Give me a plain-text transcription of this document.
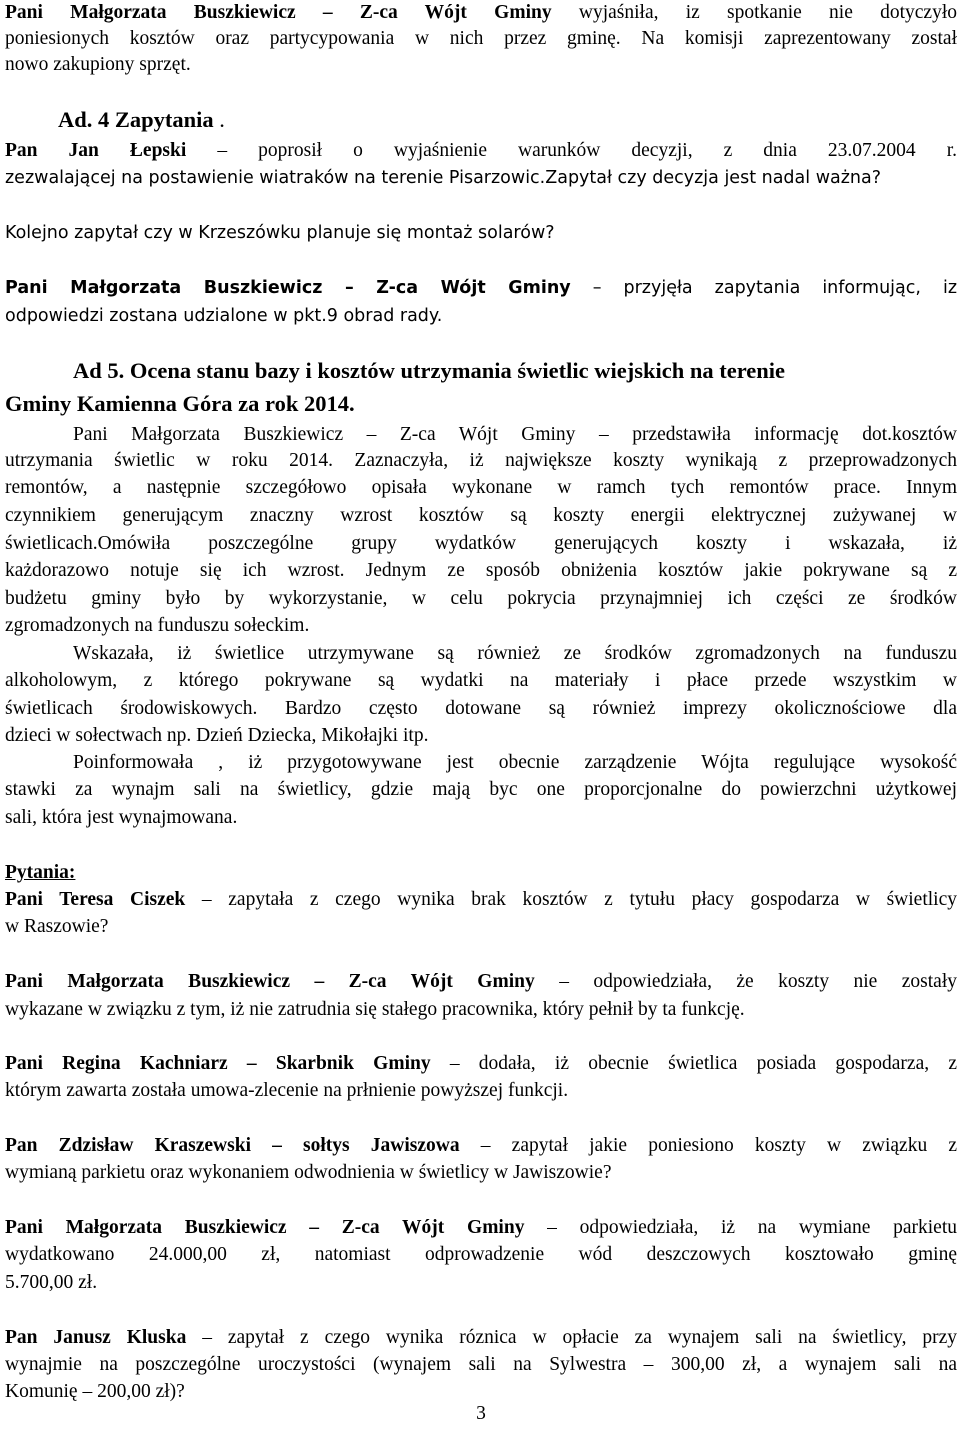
Pani Małgorzata Buszkiewicz – Z-ca Wójt Gminy wyjaśniła, iz spotkanie nie dotyczyło
poniesionych kosztów oraz partycypowania w nich przez gminę. Na komisji zaprezentowany został
nowo zakupiony sprzęt.
Ad. 4 Zapytania .
Pan Jan Łepski – poprosił o wyjaśnienie warunków decyzji, z dnia 23.07.2004 r.
zezwalającej na postawienie wiatraków na terenie Pisarzowic.Zapytał czy decyzja jest nadal ważna?
Kolejno zapytał czy w Krzeszówku planuje się montaż solarów?
Pani Małgorzata Buszkiewicz – Z-ca Wójt Gminy – przyjęła zapytania informując, iz
odpowiedzi zostana udzialone w pkt.9 obrad rady.
Ad 5. Ocena stanu bazy i kosztów utrzymania świetlic wiejskich na terenie
Gminy Kamienna Góra za rok 2014.
Pani Małgorzata Buszkiewicz – Z-ca Wójt Gminy – przedstawiła informację dot.kosztów
utrzymania świetlic w roku 2014. Zaznaczyła, iż największe koszty wynikają z przeprowadzonych
remontów, a następnie szczegółowo opisała wykonane w ramch tych remontów prace. Innym
czynnikiem generującym znaczny wzrost kosztów są koszty energii elektrycznej zużywanej w
świetlicach.Omówiła poszczególne grupy wydatków generujących koszty i wskazała, iż
każdorazowo notuje się ich wzrost. Jednym ze sposób obniżenia kosztów jakie pokrywane są z
budżetu gminy było by wykorzystanie, w celu pokrycia przynajmniej ich części ze środków
zgromadzonych na funduszu sołeckim.
Wskazała, iż świetlice utrzymywane są również ze środków zgromadzonych na funduszu
alkoholowym, z którego pokrywane są wydatki na materiały i płace przede wszystkim w
świetlicach środowiskowych. Bardzo często dotowane są również imprezy okolicznościowe dla
dzieci w sołectwach np. Dzień Dziecka, Mikołajki itp.
Poinformowała , iż przygotowywane jest obecnie zarządzenie Wójta regulujące wysokość
stawki za wynajm sali na świetlicy, gdzie mają byc one proporcjonalne do powierzchni użytkowej
sali, która jest wynajmowana.
Pytania:
Pani Teresa Ciszek – zapytała z czego wynika brak kosztów z tytułu płacy gospodarza w świetlicy
w Raszowie?
Pani Małgorzata Buszkiewicz – Z-ca Wójt Gminy – odpowiedziała, że koszty nie zostały
wykazane w związku z tym, iż nie zatrudnia się stałego pracownika, który pełnił by ta funkcję.
Pani Regina Kachniarz – Skarbnik Gminy – dodała, iż obecnie świetlica posiada gospodarza, z
którym zawarta została umowa-zlecenie na prłnienie powyższej funkcji.
Pan Zdzisław Kraszewski – sołtys Jawiszowa – zapytał jakie poniesiono koszty w związku z
wymianą parkietu oraz wykonaniem odwodnienia w świetlicy w Jawiszowie?
Pani Małgorzata Buszkiewicz – Z-ca Wójt Gminy – odpowiedziała, iż na wymiane parkietu
wydatkowano 24.000,00 zł, natomiast odprowadzenie wód deszczowych kosztowało gminę
5.700,00 zł.
Pan Janusz Kluska – zapytał z czego wynika róznica w opłacie za wynajem sali na świetlicy, przy
wynajmie na poszczególne uroczystości (wynajem sali na Sylwestra – 300,00 zł, a wynajem sali na
Komunię – 200,00 zł)?
3
